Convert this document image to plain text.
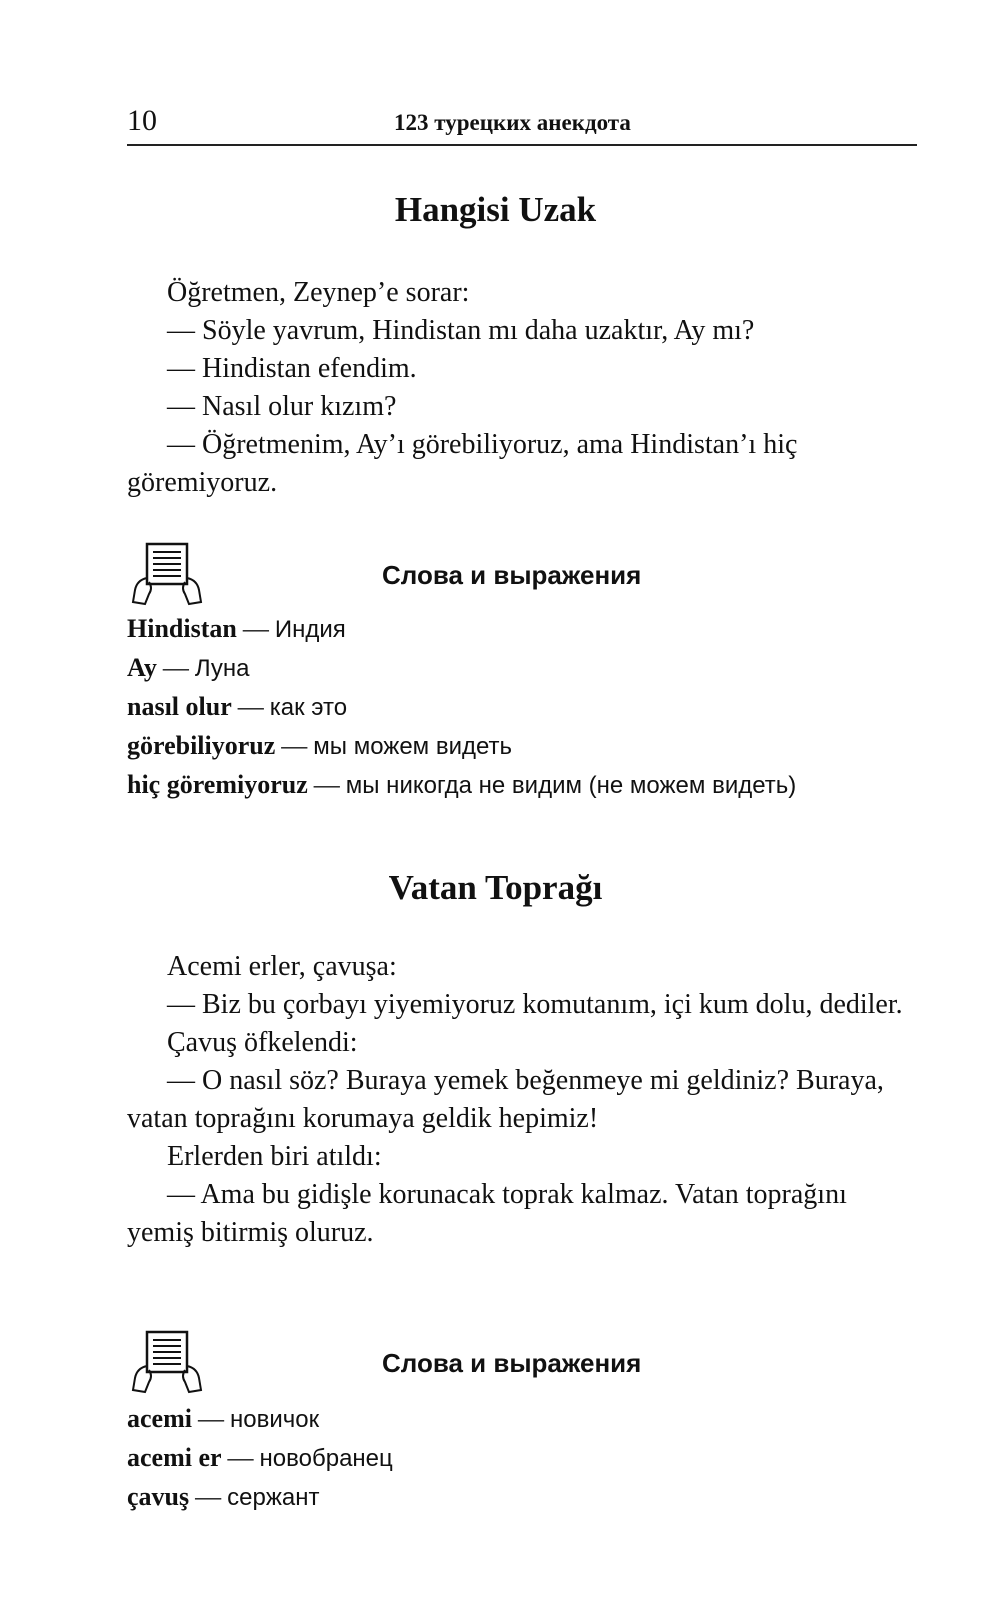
10	123 турецких анекдота
Hangisi Uzak

Öğretmen, Zeynep’e sorar:

— Söyle yavrum, Hindistan mı daha uzaktır, Ay mı?

— Hindistan efendim.

— Nasıl olur kızım?

— Öğretmenim, Ay’ı görebiliyoruz, ama Hindistan’ı hiç göremiyoruz.

Слова и выражения
Hindistan — Индия
Ay — Луна
nasıl olur — как это
görebiliyoruz — мы можем видеть
hiç göremiyoruz — мы никогда не видим (не можем видеть)
Vatan Toprağı

Acemi erler, çavuşa:

— Biz bu çorbayı yiyemiyoruz komutanım, içi kum dolu, dediler.

Çavuş öfkelendi:

— O nasıl söz? Buraya yemek beğenmeye mi geldiniz? Buraya, vatan toprağını korumaya geldik hepimiz!

Erlerden biri atıldı:

— Ama bu gidişle korunacak toprak kalmaz. Vatan toprağını yemiş bitirmiş oluruz.

Слова и выражения
acemi — новичок
acemi er — новобранец
çavuş — сержант
